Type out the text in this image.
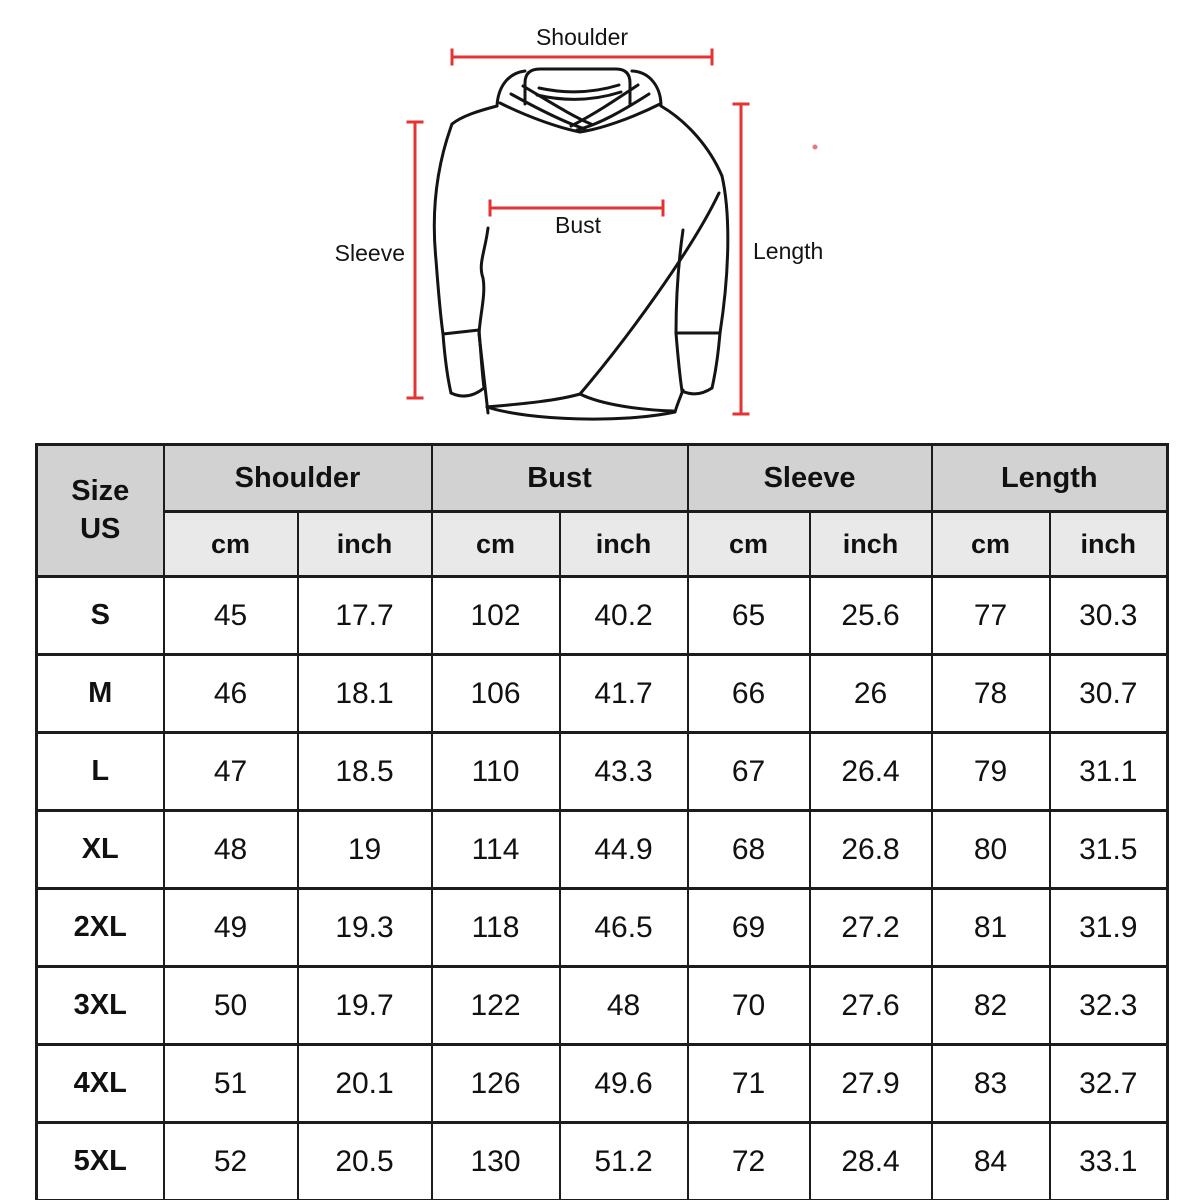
Shoulder
Sleeve
Bust
Length
Size
US	Shoulder		Bust		Sleeve		Length	
	cm	inch	cm	inch	cm	inch	cm	inch
S	45	17.7	102	40.2	65	25.6	77	30.3
M	46	18.1	106	41.7	66	26	78	30.7
L	47	18.5	110	43.3	67	26.4	79	31.1
XL	48	19	114	44.9	68	26.8	80	31.5
2XL	49	19.3	118	46.5	69	27.2	81	31.9
3XL	50	19.7	122	48	70	27.6	82	32.3
4XL	51	20.1	126	49.6	71	27.9	83	32.7
5XL	52	20.5	130	51.2	72	28.4	84	33.1
